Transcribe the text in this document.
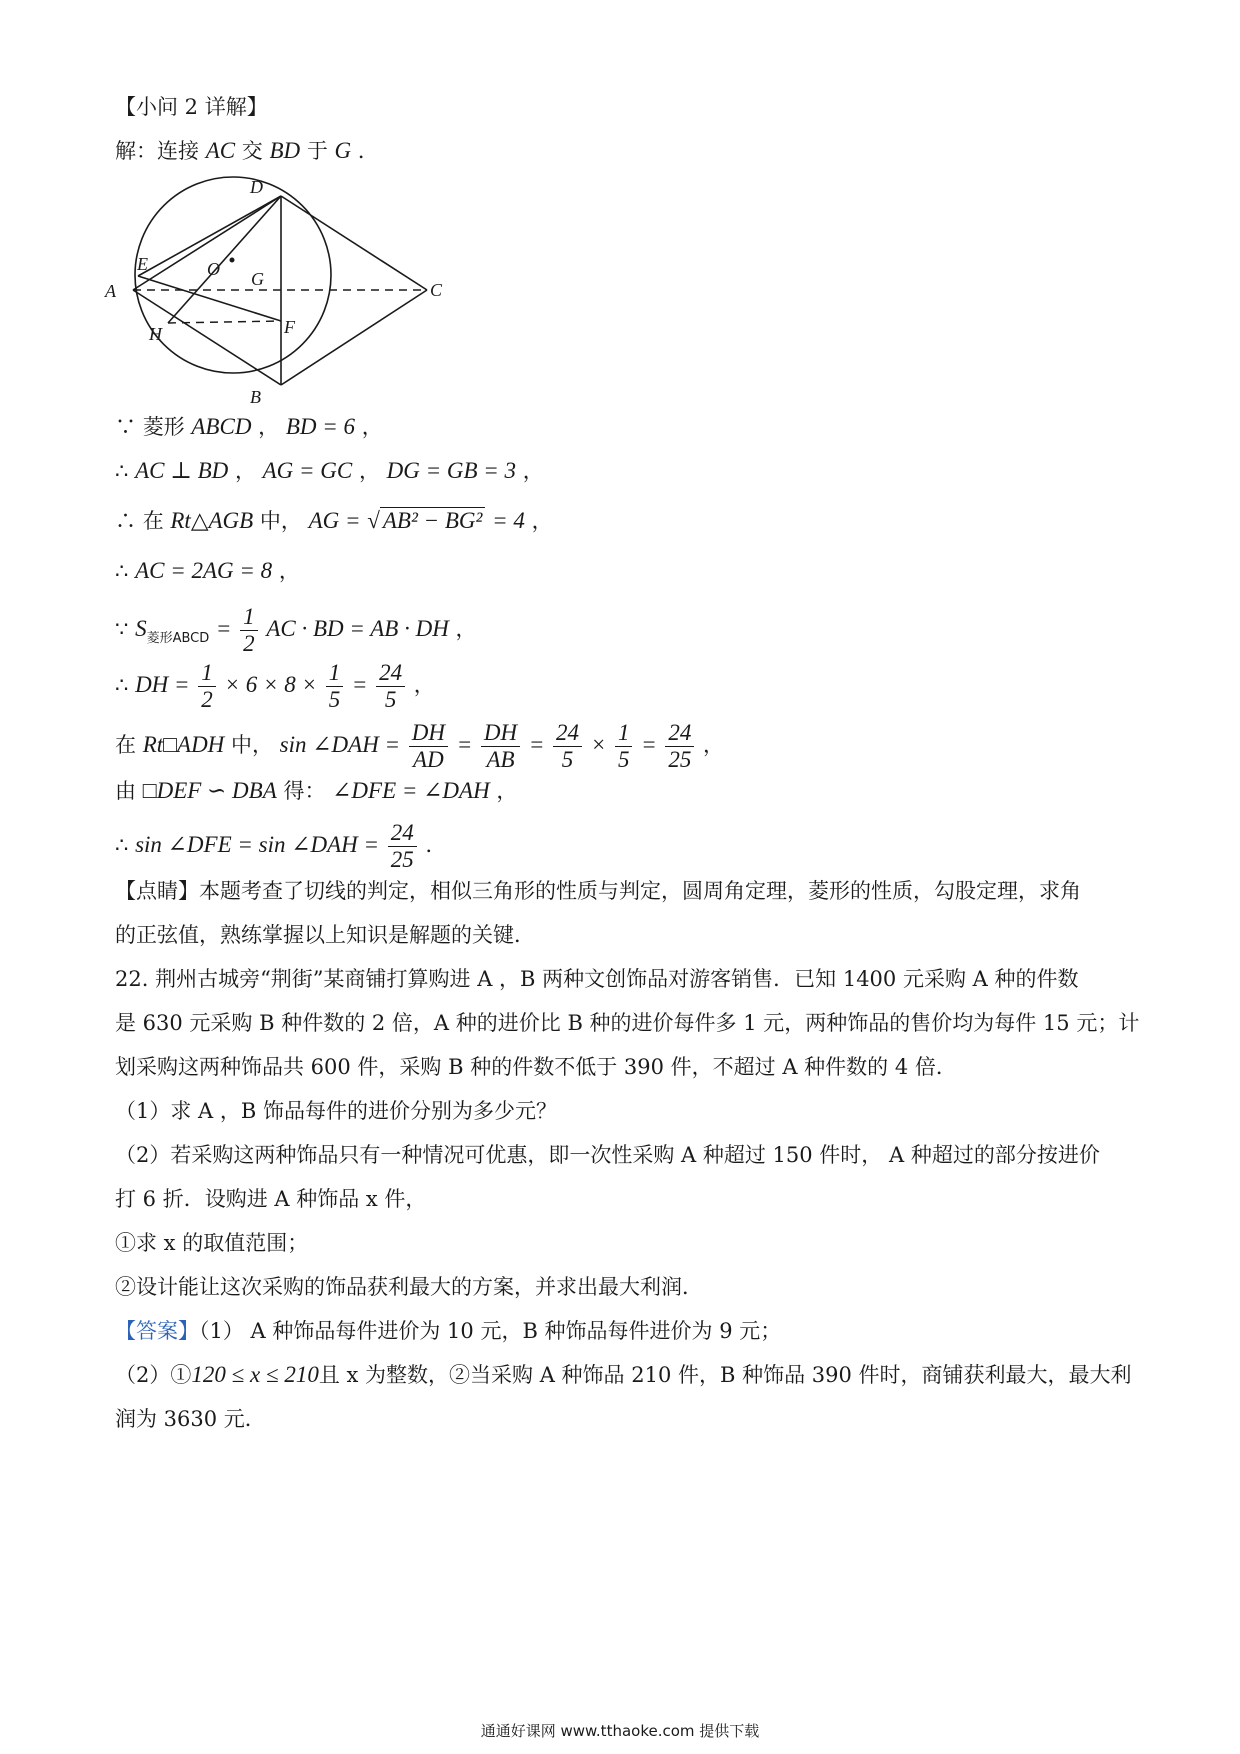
【小问 2 详解】
解：连接 AC 交 BD 于 G ．
D
E	O G
A	C
H	F
B
∵ 菱形 ABCD ， BD = 6 ，
∴ AC ⊥ BD ， AG = GC ， DG = GB = 3 ，
∴ 在 Rt△AGB 中， AG = √ AB² − BG² = 4 ，
∴ AC = 2AG = 8 ，
∵ $S_{菱形ABCD} = \frac{1}{2}$ AC · BD = AB · DH ，
∴ DH = $\frac{1}{2} \times 6 \times 8 \times \frac{1}{5} = \frac{24}{5}$ ，
在 Rt□ADH 中， sin ∠DAH = $\frac{DH}{AD} = \frac{DH}{AB} = \frac{24}{5} \times \frac{1}{5} = \frac{24}{25}$ ，
由 □DEF ∽ DBA 得： ∠DFE = ∠DAH ，
∴ sin ∠DFE = sin ∠DAH = $\frac{24}{25}$ ．
【点睛】本题考查了切线的判定，相似三角形的性质与判定，圆周角定理，菱形的性质，勾股定理，求角
的正弦值，熟练掌握以上知识是解题的关键．
22. 荆州古城旁“荆街”某商铺打算购进 A ，B 两种文创饰品对游客销售．已知 1400 元采购 A 种的件数
是 630 元采购 B 种件数的 2 倍，A 种的进价比 B 种的进价每件多 1 元，两种饰品的售价均为每件 15 元；计
划采购这两种饰品共 600 件，采购 B 种的件数不低于 390 件，不超过 A 种件数的 4 倍．
（1）求 A ，B 饰品每件的进价分别为多少元？
（2）若采购这两种饰品只有一种情况可优惠，即一次性采购 A 种超过 150 件时， A 种超过的部分按进价
打 6 折．设购进 A 种饰品 x 件，
①求 x 的取值范围；
②设计能让这次采购的饰品获利最大的方案，并求出最大利润．
【答案】（1） A 种饰品每件进价为 10 元，B 种饰品每件进价为 9 元；
（2）①120 ≤ x ≤ 210且 x 为整数，②当采购 A 种饰品 210 件，B 种饰品 390 件时，商铺获利最大，最大利
润为 3630 元．
通通好课网 www.tthaoke.com 提供下载
